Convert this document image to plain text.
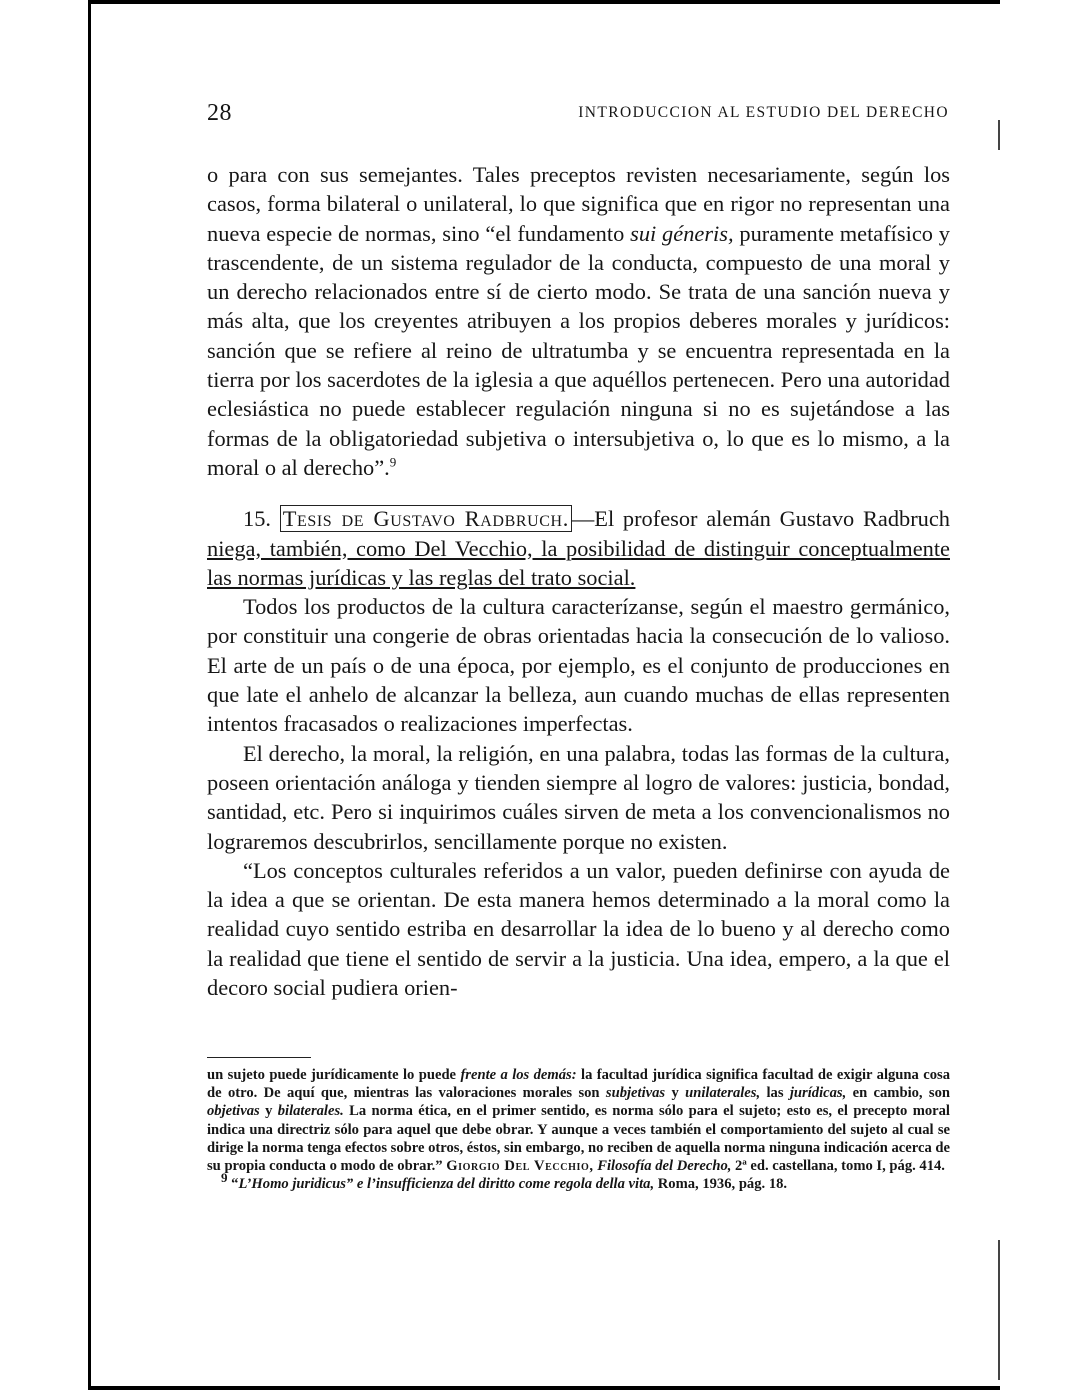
28	INTRODUCCION AL ESTUDIO DEL DERECHO

o para con sus semejantes. Tales preceptos revisten necesariamente, según los casos, forma bilateral o unilateral, lo que significa que en rigor no representan una nueva especie de normas, sino “el fundamento sui géneris, puramente metafísico y trascendente, de un sistema regulador de la conducta, compuesto de una moral y un derecho relacionados entre sí de cierto modo. Se trata de una sanción nueva y más alta, que los creyentes atribuyen a los propios deberes morales y jurídicos: sanción que se refiere al reino de ultratumba y se encuentra representada en la tierra por los sacerdotes de la iglesia a que aquéllos pertenecen. Pero una autoridad eclesiástica no puede establecer regulación ninguna si no es sujetándose a las formas de la obligatoriedad subjetiva o intersubjetiva o, lo que es lo mismo, a la moral o al derecho”.$^9$

15. Tesis de Gustavo Radbruch. —El profesor alemán Gustavo Radbruch niega, también, como Del Vecchio, la posibilidad de distinguir conceptualmente las normas jurídicas y las reglas del trato social.

Todos los productos de la cultura caracterízanse, según el maestro germánico, por constituir una congerie de obras orientadas hacia la consecución de lo valioso. El arte de un país o de una época, por ejemplo, es el conjunto de producciones en que late el anhelo de alcanzar la belleza, aun cuando muchas de ellas representen intentos fracasados o realizaciones imperfectas.

El derecho, la moral, la religión, en una palabra, todas las formas de la cultura, poseen orientación análoga y tienden siempre al logro de valores: justicia, bondad, santidad, etc. Pero si inquirimos cuáles sirven de meta a los convencionalismos no lograremos descubrirlos, sencillamente porque no existen.

“Los conceptos culturales referidos a un valor, pueden definirse con ayuda de la idea a que se orientan. De esta manera hemos determinado a la moral como la realidad cuyo sentido estriba en desarrollar la idea de lo bueno y al derecho como la realidad que tiene el sentido de servir a la justicia. Una idea, empero, a la que el decoro social pudiera orien-

un sujeto puede jurídicamente lo puede frente a los demás: la facultad jurídica significa facultad de exigir alguna cosa de otro. De aquí que, mientras las valoraciones morales son subjetivas y unilaterales, las jurídicas, en cambio, son objetivas y bilaterales. La norma ética, en el primer sentido, es norma sólo para el sujeto; esto es, el precepto moral indica una directriz sólo para aquel que debe obrar. Y aunque a veces también el comportamiento del sujeto al cual se dirige la norma tenga efectos sobre otros, éstos, sin embargo, no reciben de aquella norma ninguna indicación acerca de su propia conducta o modo de obrar.” Giorgio Del Vecchio, Filosofía del Derecho, 2ª ed. castellana, tomo I, pág. 414.

$^9$ “L’Homo juridicus” e l’insufficienza del diritto come regola della vita, Roma, 1936, pág. 18.
